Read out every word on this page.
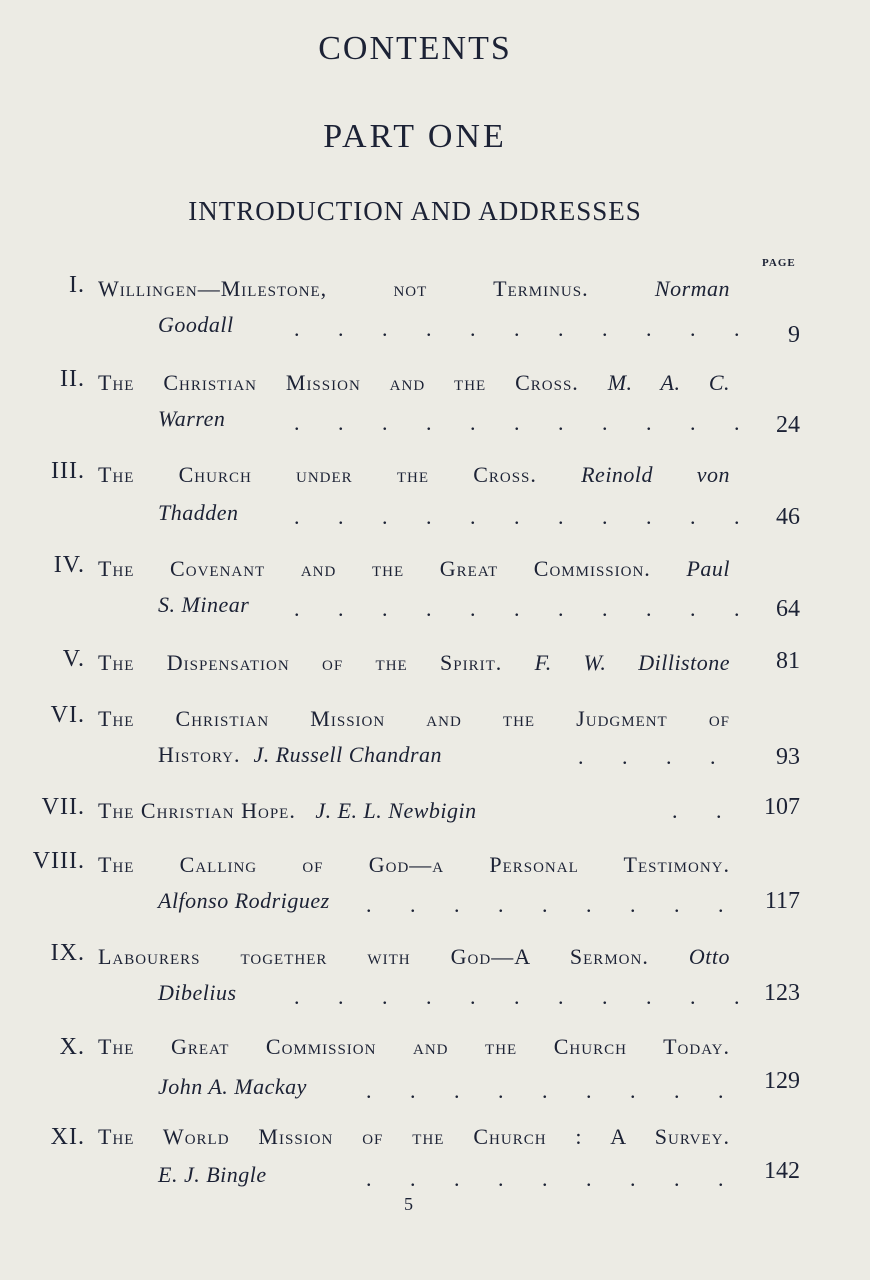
CONTENTS
PART ONE
INTRODUCTION AND ADDRESSES
PAGE
I. Willingen—Milestone, not Terminus.	Norman
Goodall	.       .       .       .       .       .       .       .       .       .       . 9
II. The Christian Mission and the Cross. M. A. C.
Warren	.       .       .       .       .       .       .       .       .       .       . 24
III. The Church under the Cross. Reinold von
Thadden	.       .       .       .       .       .       .       .       .       .       . 46
IV. The Covenant and the Great Commission. Paul
S. Minear .       .       .       .       .       .       .       .       .       .       . 64
V. The Dispensation of the Spirit. F. W. Dillistone 81
VI. The Christian Mission and the Judgment of
History. J. Russell Chandran	.       .       .       .	93
VII. The Christian Hope. J. E. L. Newbigin	.       . 107
VIII. The Calling of God—a Personal Testimony.
Alfonso Rodriguez .       .       .       .       .       .       .       .       . 117
IX. Labourers together with God—A Sermon. Otto
Dibelius	.       .       .       .       .       .       .       .       .       .       . 123
X. The Great Commission and the Church Today.
John A. Mackay	.       .       .       .       .       .       .       .       . 129
XI. The World Mission of the Church : A Survey.
E. J. Bingle	.       .       .       .       .       .       .       .       . 142
5
